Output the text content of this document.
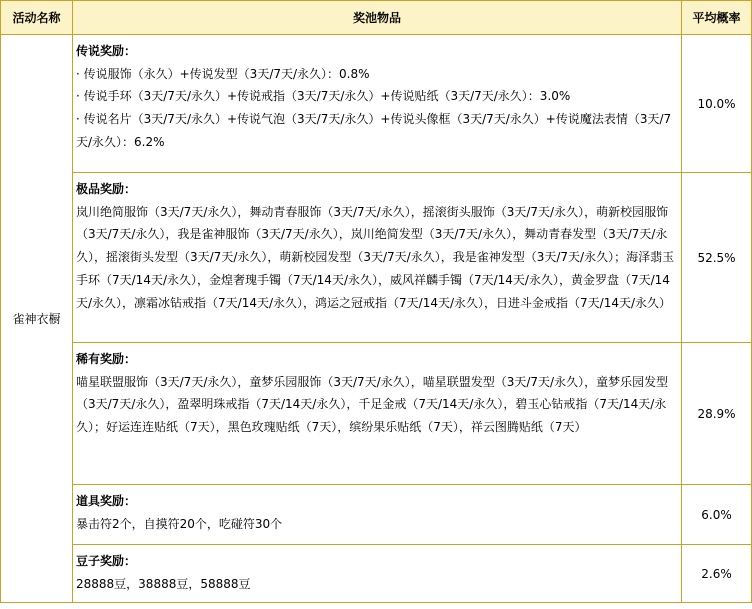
活动名称	奖池物品	平均概率
雀神衣橱	传说奖励：
· 传说服饰（永久）+传说发型（3天/7天/永久）：0.8%
· 传说手环（3天/7天/永久）+传说戒指（3天/7天/永久）+传说贴纸（3天/7天/永久）：3.0%
· 传说名片（3天/7天/永久）+传说气泡（3天/7天/永久）+传说头像框（3天/7天/永久）+传说魔法表情（3天/7天/永久）：6.2%	10.0%

	极品奖励：
岚川绝简服饰（3天/7天/永久），舞动青春服饰（3天/7天/永久），摇滚街头服饰（3天/7天/永久），萌新校园服饰（3天/7天/永久），我是雀神服饰（3天/7天/永久），岚川绝简发型（3天/7天/永久），舞动青春发型（3天/7天/永久），摇滚街头发型（3天/7天/永久），萌新校园发型（3天/7天/永久），我是雀神发型（3天/7天/永久）；海泽翡玉手环（7天/14天/永久），金煌奢瑰手镯（7天/14天/永久），威风祥麟手镯（7天/14天/永久），黄金罗盘（7天/14天/永久），凛霜冰钻戒指（7天/14天/永久），鸿运之冠戒指（7天/14天/永久），日进斗金戒指（7天/14天/永久）	52.5%

	稀有奖励：
喵星联盟服饰（3天/7天/永久），童梦乐园服饰（3天/7天/永久），喵星联盟发型（3天/7天/永久），童梦乐园发型（3天/7天/永久），盈翠明珠戒指（7天/14天/永久），千足金戒（7天/14天/永久），碧玉心钻戒指（7天/14天/永久）；好运连连贴纸（7天），黑色玫瑰贴纸（7天），缤纷果乐贴纸（7天），祥云图腾贴纸（7天）	28.9%

	道具奖励：
暴击符2个，自摸符20个，吃碰符30个	6.0%

	豆子奖励：
28888豆，38888豆，58888豆	2.6%
